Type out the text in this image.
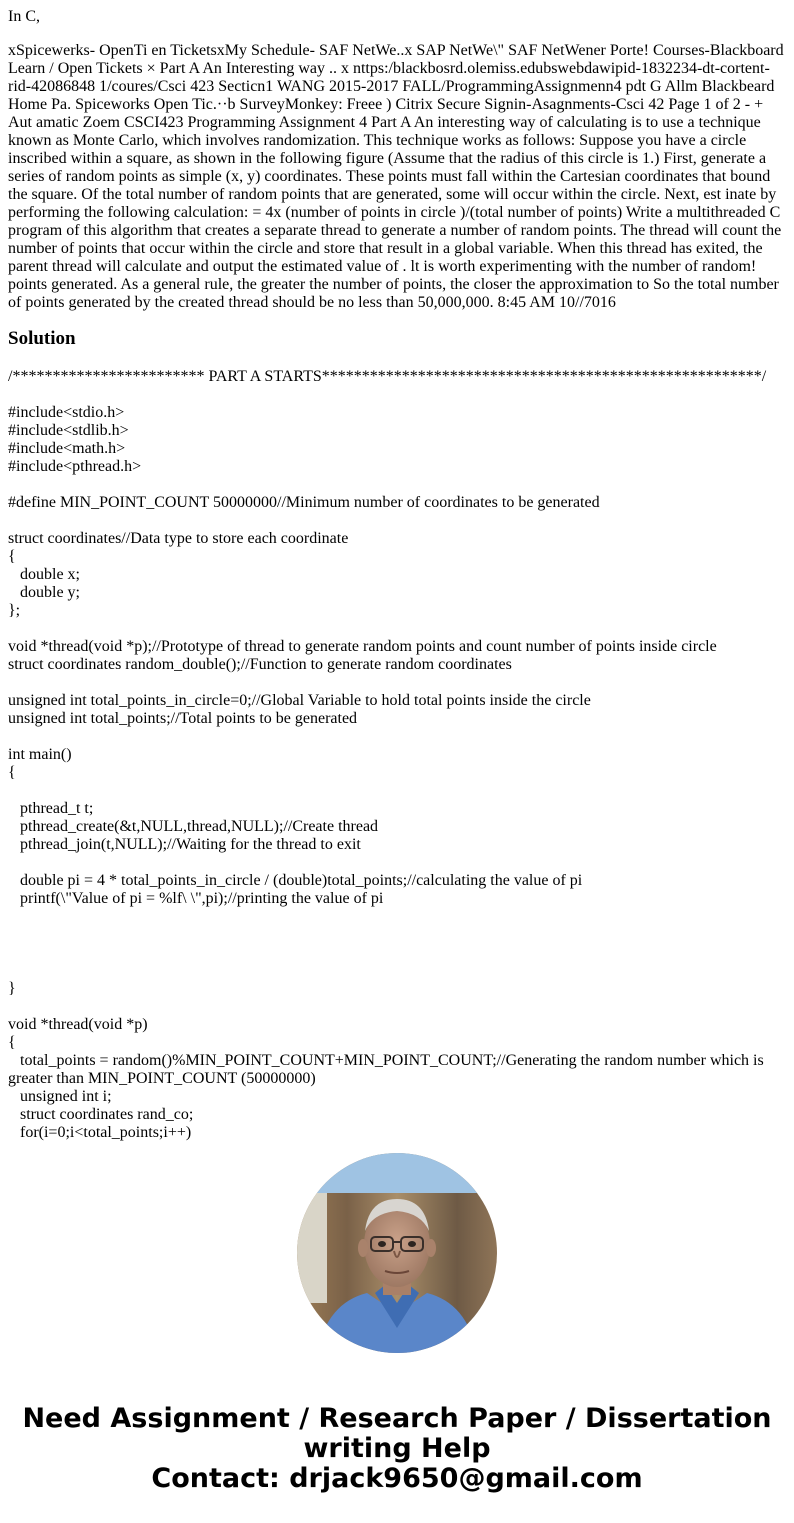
In C,
xSpicewerks- OpenTi en TicketsxMy Schedule- SAF NetWe..x SAP NetWe\" SAF NetWener Porte! Courses-Blackboard Learn / Open Tickets × Part A An Interesting way .. x nttps:/blackbosrd.olemiss.edubswebdawipid-1832234-dt-cortent-rid-42086848 1/coures/Csci 423 Secticn1 WANG 2015-2017 FALL/ProgrammingAssignmenn4 pdt G Allm Blackbeard Home Pa. Spiceworks Open Tic.··b SurveyMonkey: Freee ) Citrix Secure Signin-Asagnments-Csci 42 Page 1 of 2 - + Aut amatic Zoem CSCI423 Programming Assignment 4 Part A An interesting way of calculating is to use a technique known as Monte Carlo, which involves randomization. This technique works as follows: Suppose you have a circle inscribed within a square, as shown in the following figure (Assume that the radius of this circle is 1.) First, generate a series of random points as simple (x, y) coordinates. These points must fall within the Cartesian coordinates that bound the square. Of the total number of random points that are generated, some will occur within the circle. Next, est inate by performing the following calculation: = 4x (number of points in circle )/(total number of points) Write a multithreaded C program of this algorithm that creates a separate thread to generate a number of random points. The thread will count the number of points that occur within the circle and store that result in a global variable. When this thread has exited, the parent thread will calculate and output the estimated value of . lt is worth experimenting with the number of random! points generated. As a general rule, the greater the number of points, the closer the approximation to So the total number of points generated by the created thread should be no less than 50,000,000. 8:45 AM 10//7016
Solution
/************************ PART A STARTS*******************************************************/
#include<stdio.h>
#include<stdlib.h>
#include<math.h>
#include<pthread.h>
#define MIN_POINT_COUNT 50000000//Minimum number of coordinates to be generated
struct coordinates//Data type to store each coordinate
{
double x;
double y;
};
void *thread(void *p);//Prototype of thread to generate random points and count number of points inside circle
struct coordinates random_double();//Function to generate random coordinates
unsigned int total_points_in_circle=0;//Global Variable to hold total points inside the circle
unsigned int total_points;//Total points to be generated
int main()
{
pthread_t t;
pthread_create(&t,NULL,thread,NULL);//Create thread
pthread_join(t,NULL);//Waiting for the thread to exit
double pi = 4 * total_points_in_circle / (double)total_points;//calculating the value of pi
printf(\"Value of pi = %lf\ \",pi);//printing the value of pi
}
void *thread(void *p)
{
total_points = random()%MIN_POINT_COUNT+MIN_POINT_COUNT;//Generating the random number which is greater than MIN_POINT_COUNT (50000000)
unsigned int i;
struct coordinates rand_co;
for(i=0;i<total_points;i++)
Need Assignment / Research Paper / Dissertation
writing Help
Contact: drjack9650@gmail.com
